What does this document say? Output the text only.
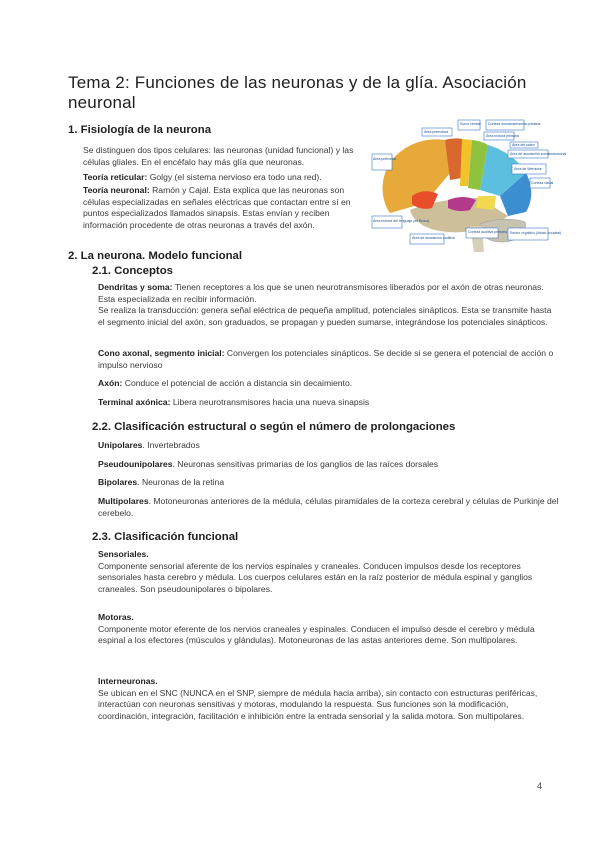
Tema 2: Funciones de las neuronas y de la glía. Asociación neuronal
1. Fisiología de la neurona
Se distinguen dos tipos celulares: las neuronas (unidad funcional) y las células gliales. En el encéfalo hay más glía que neuronas.
Teoría reticular: Golgy (el sistema nervioso era todo una red).
Teoría neuronal: Ramón y Cajal. Esta explica que las neuronas son células especializadas en señales eléctricas que contactan entre sí en puntos especializados llamados sinapsis. Estas envían y reciben información procedente de otras neuronas a través del axón.
Área premotora
Surco central Corteza somatosensorial primaria
Área motora primaria
Área del sabor
Área de asociación somatosensorial
Área prefrontal
Área de Wernicke
Corteza visual
Área motora del lenguaje (de Broca)
Área de asociación auditiva
Corteza auditiva primaria Sector cognitivo (lóbulo occipital)
2. La neurona. Modelo funcional
2.1. Conceptos
Dendritas y soma: Tienen receptores a los que se unen neurotransmisores liberados por el axón de otras neuronas. Esta especializada en recibir información.
Se realiza la transducción: genera señal eléctrica de pequeña amplitud, potenciales sinápticos. Esta se transmite hasta el segmento inicial del axón, son graduados, se propagan y pueden sumarse, integrándose los potenciales sinápticos.
Cono axonal, segmento inicial: Convergen los potenciales sinápticos. Se decide si se genera el potencial de acción o impulso nervioso
Axón: Conduce el potencial de acción a distancia sin decaimiento.
Terminal axónica: Libera neurotransmisores hacia una nueva sinapsis
2.2. Clasificación estructural o según el número de prolongaciones
Unipolares. Invertebrados
Pseudounipolares. Neuronas sensitivas primarias de los ganglios de las raíces dorsales
Bipolares. Neuronas de la retina
Multipolares. Motoneuronas anteriores de la médula, células piramidales de la corteza cerebral y células de Purkinje del cerebelo.
2.3. Clasificación funcional
Sensoriales.
Componente sensorial aferente de los nervios espinales y craneales. Conducen impulsos desde los receptores sensoriales hasta cerebro y médula. Los cuerpos celulares están en la raíz posterior de médula espinal y ganglios craneales. Son pseudounipolares o bipolares.
Motoras.
Componente motor eferente de los nervios craneales y espinales. Conducen el impulso desde el cerebro y médula espinal a los efectores (músculos y glándulas). Motoneuronas de las astas anteriores deme. Son multipolares.
Interneuronas.
Se ubican en el SNC (NUNCA en el SNP, siempre de médula hacia arriba), sin contacto con estructuras periféricas, interactúan con neuronas sensitivas y motoras, modulando la respuesta. Sus funciones son la modificación, coordinación, integración, facilitación e inhibición entre la entrada sensorial y la salida motora. Son multipolares.
4
